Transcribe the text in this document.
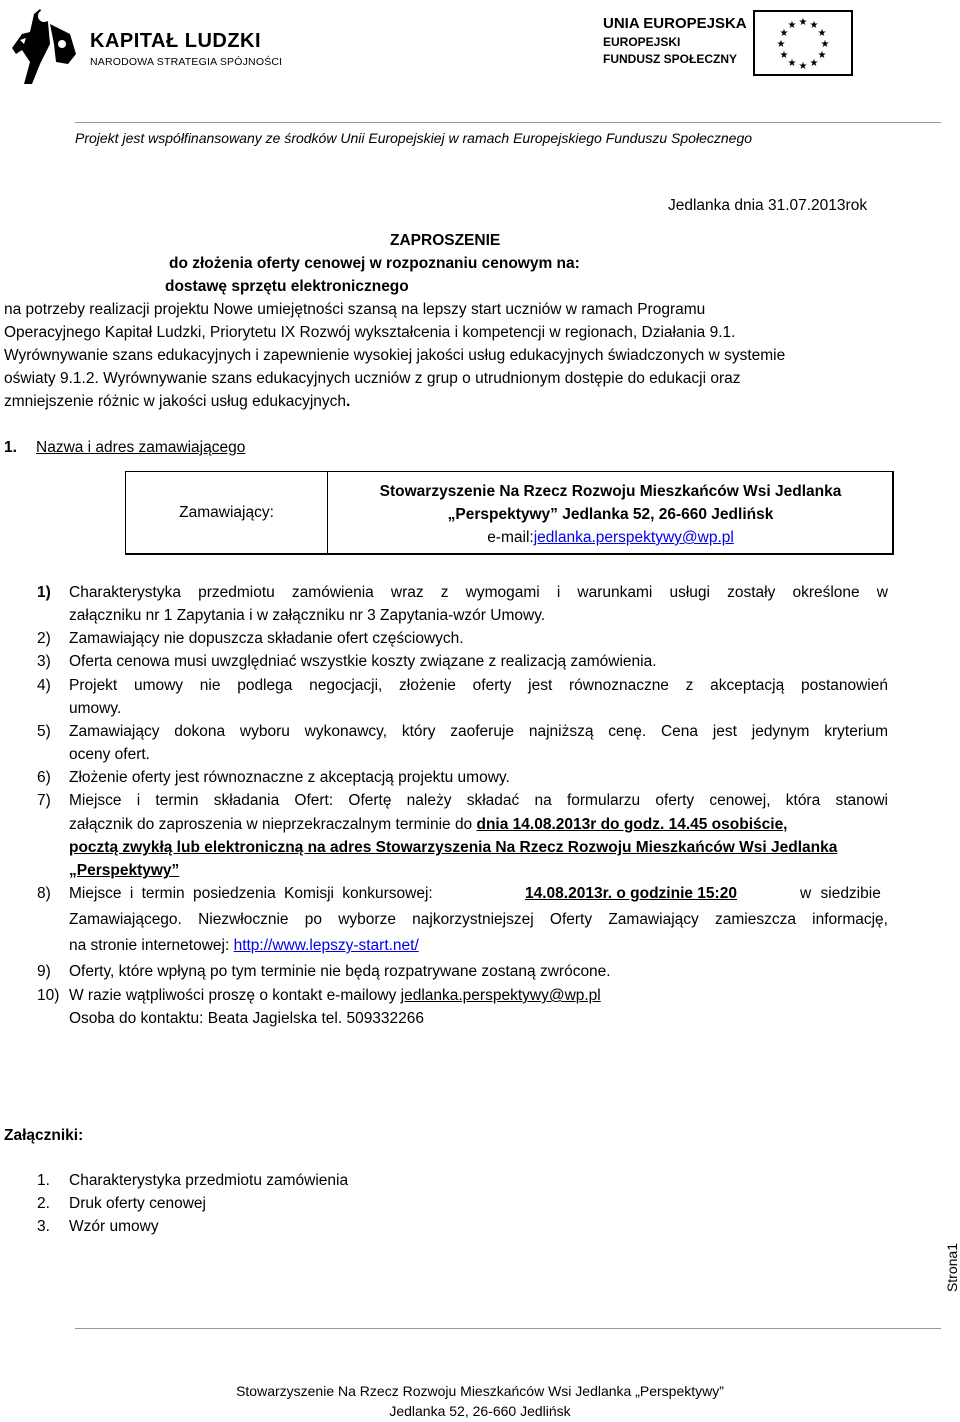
KAPITAŁ LUDZKI
NARODOWA STRATEGIA SPÓJNOŚCI
UNIA EUROPEJSKA
EUROPEJSKI
FUNDUSZ SPOŁECZNY
★ ★
★
★
★
★
★
★
★
★
★
★
Projekt jest współfinansowany ze środków Unii Europejskiej w ramach Europejskiego Funduszu Społecznego
Jedlanka dnia 31.07.2013rok
ZAPROSZENIE
do złożenia oferty cenowej w rozpoznaniu cenowym na:
dostawę sprzętu elektronicznego
na potrzeby realizacji projektu Nowe umiejętności szansą na lepszy start uczniów w ramach Programu
Operacyjnego Kapitał Ludzki, Priorytetu IX Rozwój wykształcenia i kompetencji w regionach, Działania 9.1.
Wyrównywanie szans edukacyjnych i zapewnienie wysokiej jakości usług edukacyjnych świadczonych w systemie
oświaty 9.1.2. Wyrównywanie szans edukacyjnych uczniów z grup o utrudnionym dostępie do edukacji oraz
zmniejszenie różnic w jakości usług edukacyjnych.
1. Nazwa i adres zamawiającego
Zamawiający:
Stowarzyszenie Na Rzecz Rozwoju Mieszkańców Wsi Jedlanka
„Perspektywy” Jedlanka 52, 26-660 Jedlińsk
e-mail:jedlanka.perspektywy@wp.pl
1) Charakterystyka przedmiotu zamówienia wraz z wymogami i warunkami usługi zostały określone w
załączniku nr 1 Zapytania i w załączniku nr 3 Zapytania-wzór Umowy.
2) Zamawiający nie dopuszcza składanie ofert częściowych.
3) Oferta cenowa musi uwzględniać wszystkie koszty związane z realizacją zamówienia.
4) Projekt umowy nie podlega negocjacji, złożenie oferty jest równoznaczne z akceptacją postanowień
umowy.
5) Zamawiający dokona wyboru wykonawcy, który zaoferuje najniższą cenę. Cena jest jedynym kryterium
oceny ofert.
6) Złożenie oferty jest równoznaczne z akceptacją projektu umowy.
7) Miejsce i termin składania Ofert: Ofertę należy składać na formularzu oferty cenowej, która stanowi
załącznik do zaproszenia w nieprzekraczalnym terminie do dnia 14.08.2013r do godz. 14.45 osobiście,
pocztą zwykłą lub elektroniczną na adres Stowarzyszenia Na Rzecz Rozwoju Mieszkańców Wsi Jedlanka
„Perspektywy”
8) Miejsce i termin posiedzenia Komisji konkursowej:	14.08.2013r. o godzinie 15:20	w siedzibie
Zamawiającego. Niezwłocznie po wyborze najkorzystniejszej Oferty Zamawiający zamieszcza informację,
na stronie internetowej: http://www.lepszy-start.net/
9) Oferty, które wpłyną po tym terminie nie będą rozpatrywane zostaną zwrócone.
10) W razie wątpliwości proszę o kontakt e-mailowy jedlanka.perspektywy@wp.pl
Osoba do kontaktu: Beata Jagielska tel. 509332266
Załączniki:
1. Charakterystyka przedmiotu zamówienia
2. Druk oferty cenowej
3. Wzór umowy
Strona1
Stowarzyszenie Na Rzecz Rozwoju Mieszkańców Wsi Jedlanka „Perspektywy”
Jedlanka 52, 26-660 Jedlińsk
